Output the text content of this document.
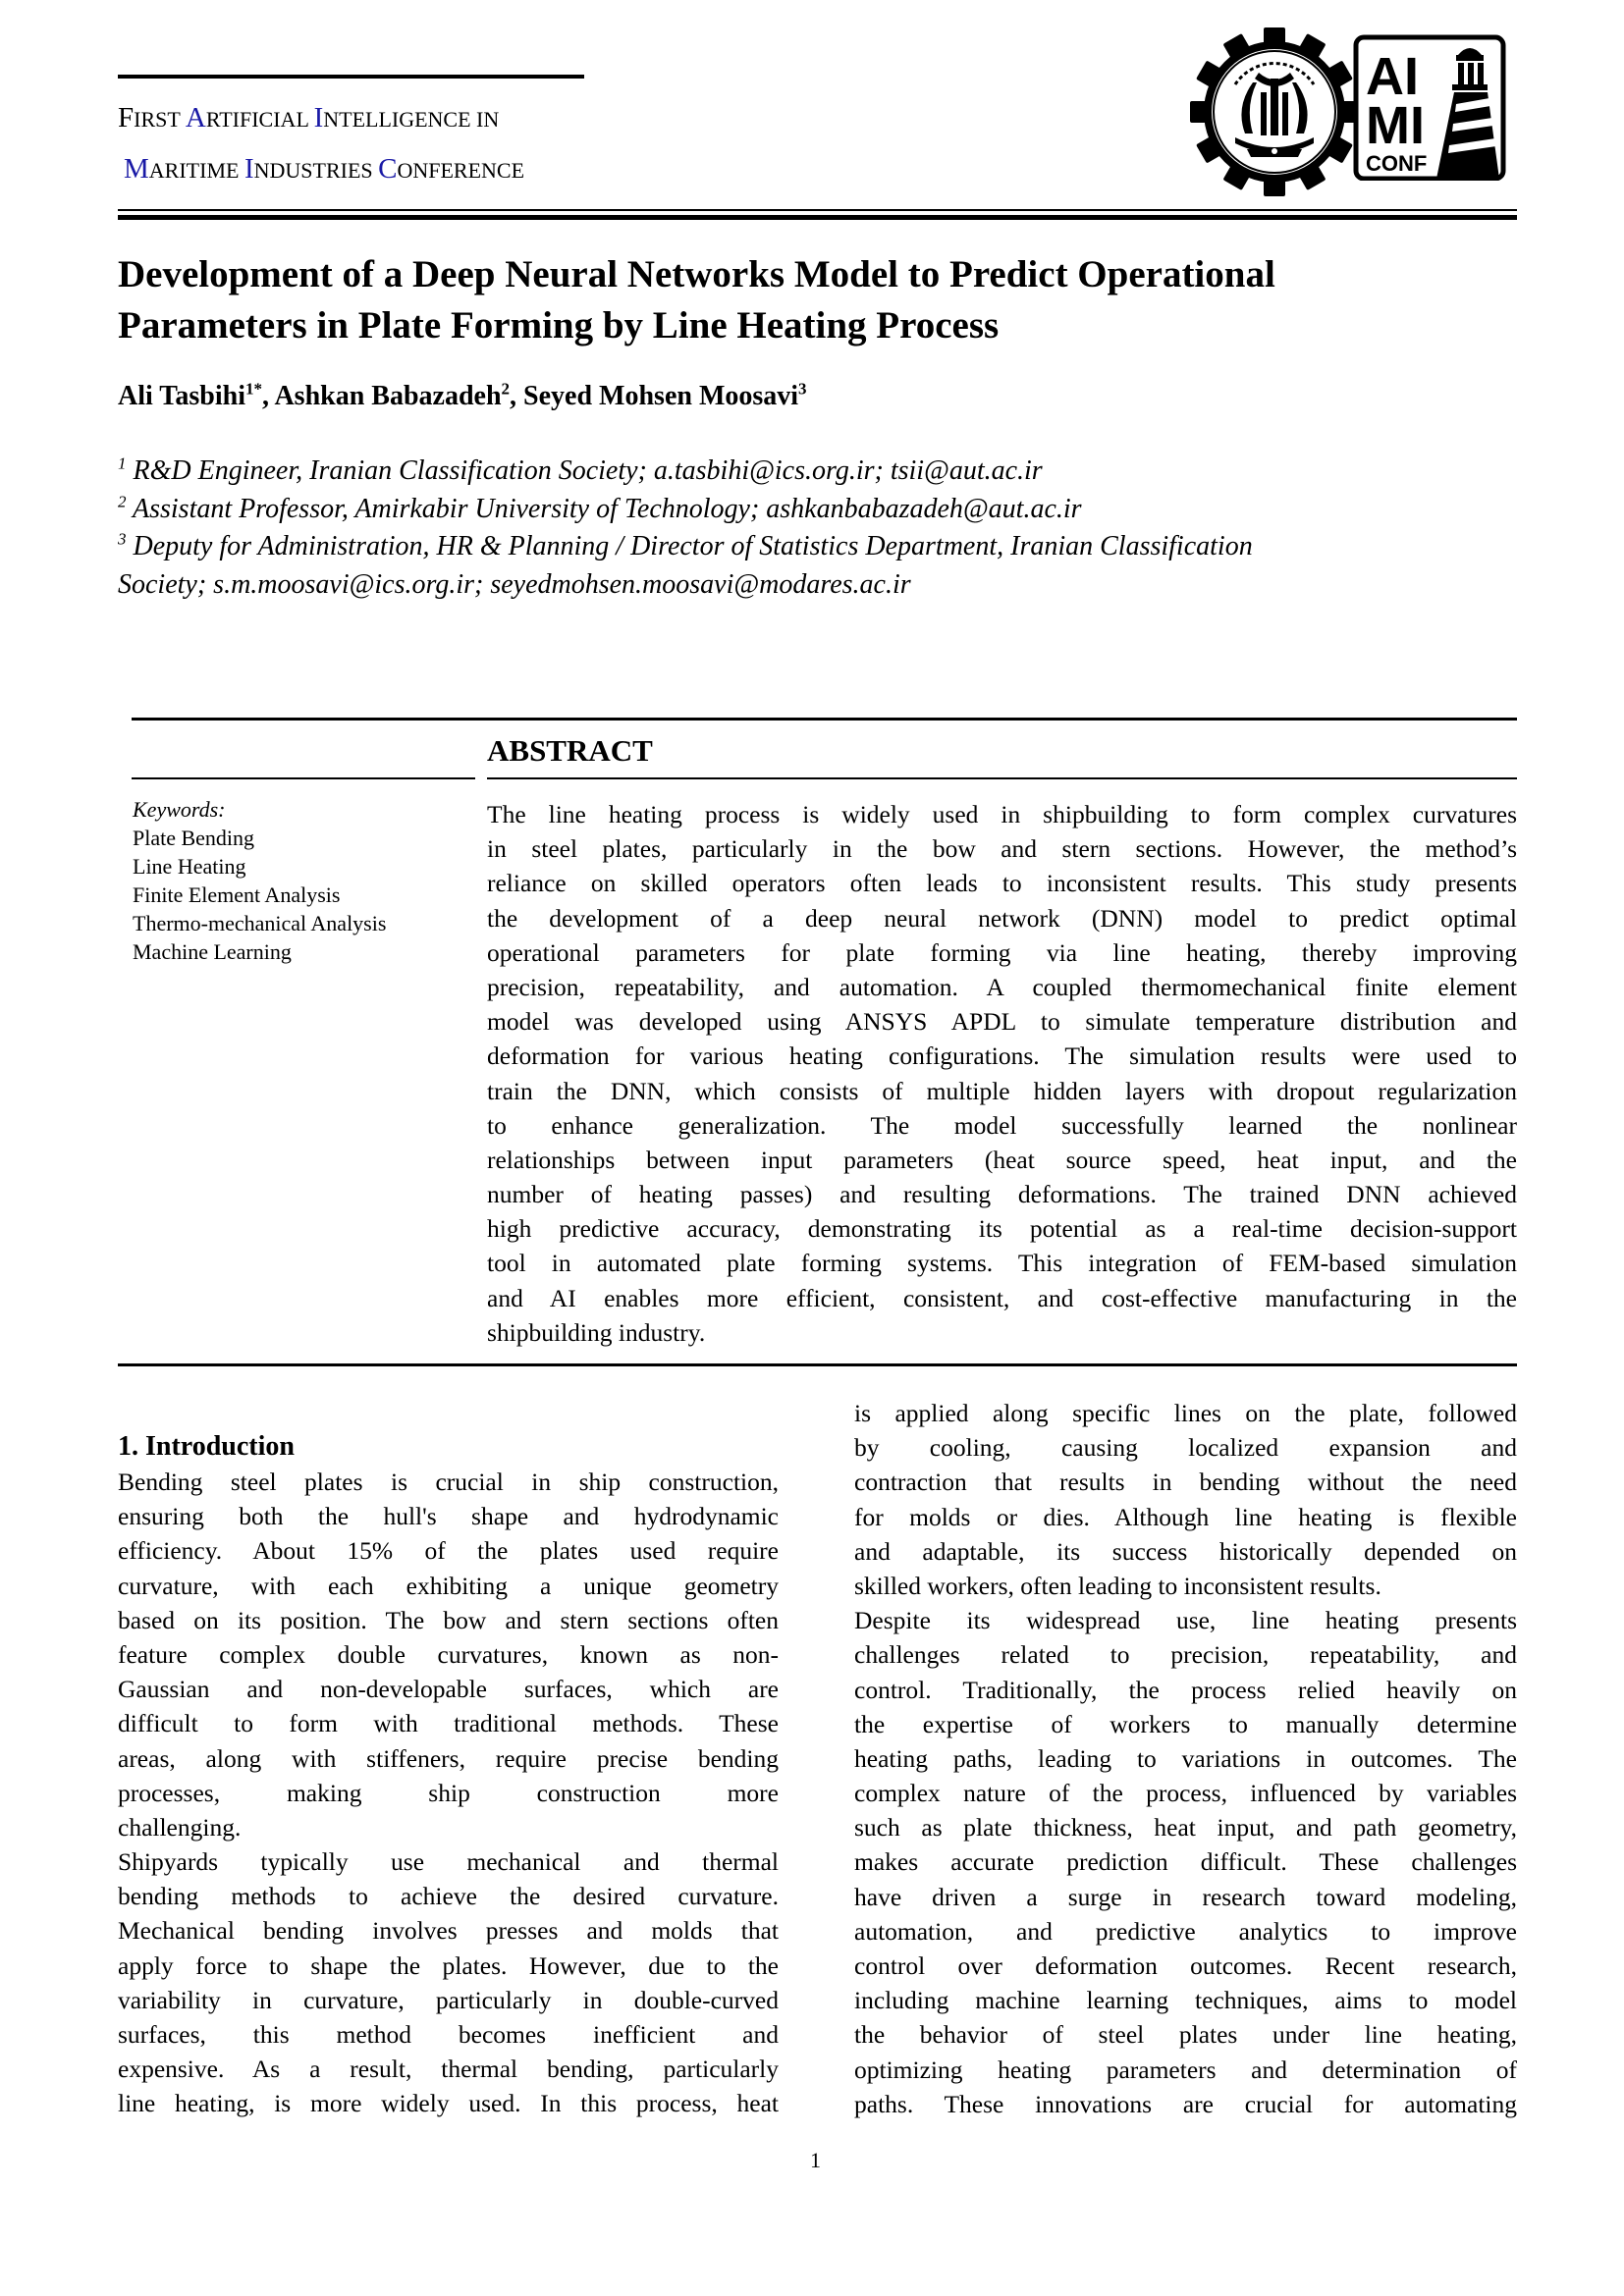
FIRST ARTIFICIAL INTELLIGENCE IN
MARITIME INDUSTRIES CONFERENCE
AI
MI
CONF
Development of a Deep Neural Networks Model to Predict Operational
Parameters in Plate Forming by Line Heating Process
Ali Tasbihi$^{1*}$, Ashkan Babazadeh$^2$, Seyed Mohsen Moosavi$^3$
$^1$ R&D Engineer, Iranian Classification Society; a.tasbihi@ics.org.ir; tsii@aut.ac.ir
$^2$ Assistant Professor, Amirkabir University of Technology; ashkanbabazadeh@aut.ac.ir
$^3$ Deputy for Administration, HR & Planning / Director of Statistics Department, Iranian Classification
Society; s.m.moosavi@ics.org.ir; seyedmohsen.moosavi@modares.ac.ir
ABSTRACT
Keywords:
Plate Bending
Line Heating
Finite Element Analysis
Thermo-mechanical Analysis
Machine Learning
The line heating process is widely used in shipbuilding to form complex curvatures
in steel plates, particularly in the bow and stern sections. However, the method’s
reliance on skilled operators often leads to inconsistent results. This study presents
the development of a deep neural network (DNN) model to predict optimal
operational parameters for plate forming via line heating, thereby improving
precision, repeatability, and automation. A coupled thermomechanical finite element
model was developed using ANSYS APDL to simulate temperature distribution and
deformation for various heating configurations. The simulation results were used to
train the DNN, which consists of multiple hidden layers with dropout regularization
to enhance generalization. The model successfully learned the nonlinear
relationships between input parameters (heat source speed, heat input, and the
number of heating passes) and resulting deformations. The trained DNN achieved
high predictive accuracy, demonstrating its potential as a real-time decision-support
tool in automated plate forming systems. This integration of FEM-based simulation
and AI enables more efficient, consistent, and cost-effective manufacturing in the
shipbuilding industry.
1. Introduction
Bending steel plates is crucial in ship construction,
ensuring both the hull's shape and hydrodynamic
efficiency. About 15% of the plates used require
curvature, with each exhibiting a unique geometry
based on its position. The bow and stern sections often
feature complex double curvatures, known as non-
Gaussian and non-developable surfaces, which are
difficult to form with traditional methods. These
areas, along with stiffeners, require precise bending
processes, making ship construction more
challenging.
Shipyards typically use mechanical and thermal
bending methods to achieve the desired curvature.
Mechanical bending involves presses and molds that
apply force to shape the plates. However, due to the
variability in curvature, particularly in double-curved
surfaces, this method becomes inefficient and
expensive. As a result, thermal bending, particularly
line heating, is more widely used. In this process, heat
is applied along specific lines on the plate, followed
by cooling, causing localized expansion and
contraction that results in bending without the need
for molds or dies. Although line heating is flexible
and adaptable, its success historically depended on
skilled workers, often leading to inconsistent results.
Despite its widespread use, line heating presents
challenges related to precision, repeatability, and
control. Traditionally, the process relied heavily on
the expertise of workers to manually determine
heating paths, leading to variations in outcomes. The
complex nature of the process, influenced by variables
such as plate thickness, heat input, and path geometry,
makes accurate prediction difficult. These challenges
have driven a surge in research toward modeling,
automation, and predictive analytics to improve
control over deformation outcomes. Recent research,
including machine learning techniques, aims to model
the behavior of steel plates under line heating,
optimizing heating parameters and determination of
paths. These innovations are crucial for automating
1
